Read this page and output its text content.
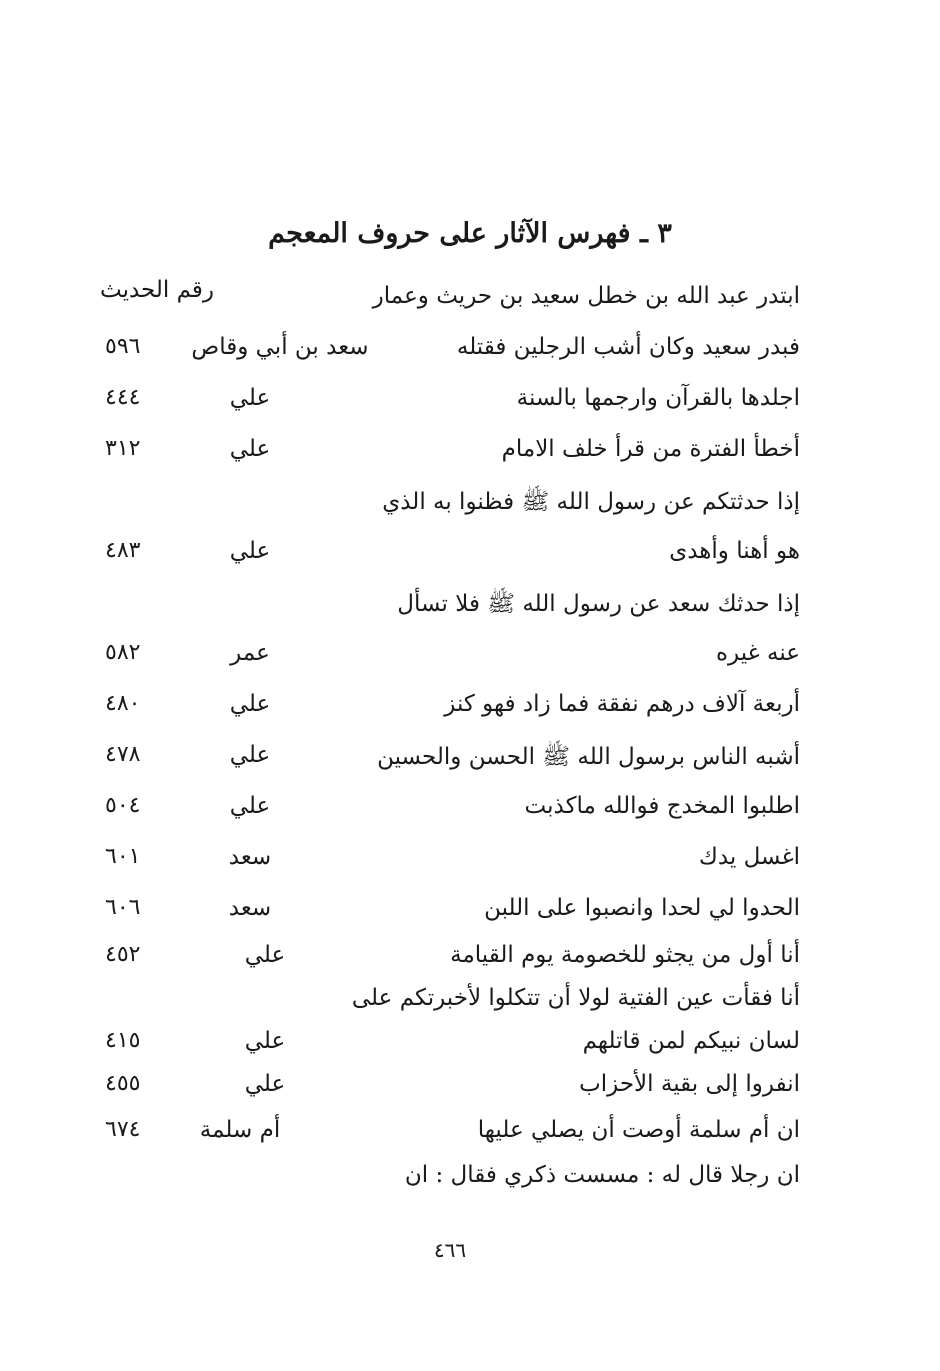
٣ ـ فهرس الآثار على حروف المعجم
رقم الحديث	ابتدر عبد الله بن خطل سعيد بن حريث وعمار
فبدر سعيد وكان أشب الرجلين فقتله
سعد بن أبي وقاص
٥٩٦
اجلدها بالقرآن وارجمها بالسنة
علي
٤٤٤
أخطأ الفترة من قرأ خلف الامام
علي
٣١٢
إذا حدثتكم عن رسول الله ﷺ فظنوا به الذي
هو أهنا وأهدى
علي
٤٨٣
إذا حدثك سعد عن رسول الله ﷺ فلا تسأل
عنه غيره
عمر
٥٨٢
أربعة آلاف درهم نفقة فما زاد فهو كنز
علي
٤٨٠
أشبه الناس برسول الله ﷺ الحسن والحسين
علي
٤٧٨
اطلبوا المخدج فوالله ماكذبت
علي
٥٠٤
اغسل يدك
سعد
٦٠١
الحدوا لي لحدا وانصبوا على اللبن
سعد
٦٠٦
أنا أول من يجثو للخصومة يوم القيامة
علي
٤٥٢
أنا فقأت عين الفتية لولا أن تتكلوا لأخبرتكم على
لسان نبيكم لمن قاتلهم
علي
٤١٥
انفروا إلى بقية الأحزاب
علي
٤٥٥
ان أم سلمة أوصت أن يصلي عليها
أم سلمة
٦٧٤
ان رجلا قال له : مسست ذكري فقال : ان
٤٦٦
